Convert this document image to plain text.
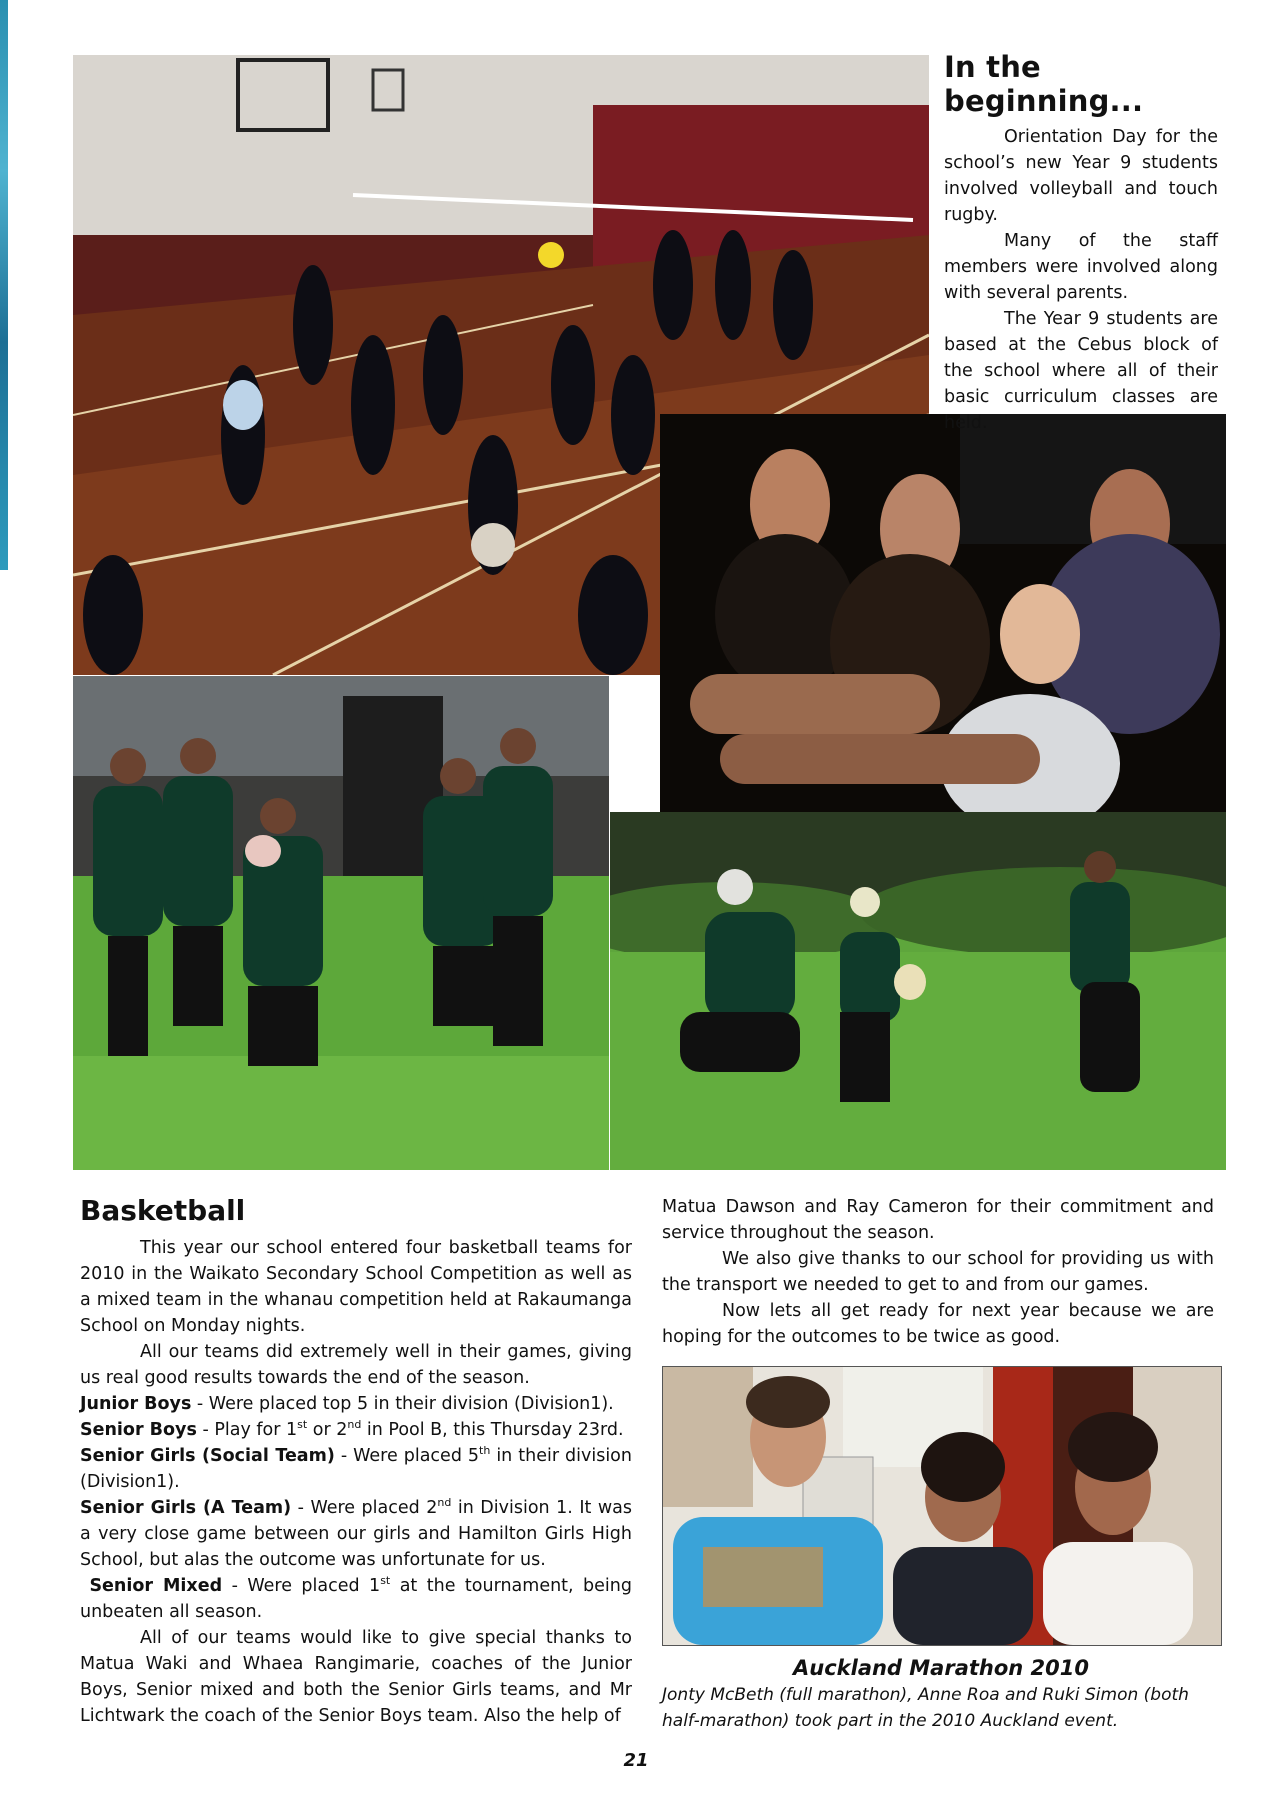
In the beginning...

Orientation Day for the school’s new Year 9 students involved volleyball and touch rugby.

Many of the staff members were involved along with several parents.

The Year 9 students are based at the Cebus block of the school where all of their basic curriculum classes are held.

Basketball

This year our school entered four basketball teams for 2010 in the Waikato Secondary School Competition as well as a mixed team in the whanau competition held at Rakaumanga School on Monday nights.

All our teams did extremely well in their games, giving us real good results towards the end of the season.

Junior Boys - Were placed top 5 in their division (Division1).

Senior Boys - Play for 1st or 2nd in Pool B, this Thursday 23rd.

Senior Girls (Social Team) - Were placed 5th in their division (Division1).

Senior Girls (A Team) - Were placed 2nd in Division 1. It was a very close game between our girls and Hamilton Girls High School, but alas the outcome was unfortunate for us.

Senior Mixed - Were placed 1st at the tournament, being unbeaten all season.

All of our teams would like to give special thanks to Matua Waki and Whaea Rangimarie, coaches of the Junior Boys, Senior mixed and both the Senior Girls teams, and Mr Lichtwark the coach of the Senior Boys team. Also the help of

Matua Dawson and Ray Cameron for their commitment and service throughout the season.

We also give thanks to our school for providing us with the transport we needed to get to and from our games.

Now lets all get ready for next year because we are hoping for the outcomes to be twice as good.

Auckland Marathon 2010
Jonty McBeth (full marathon), Anne Roa and Ruki Simon (both half-marathon) took part in the 2010 Auckland event.
21
